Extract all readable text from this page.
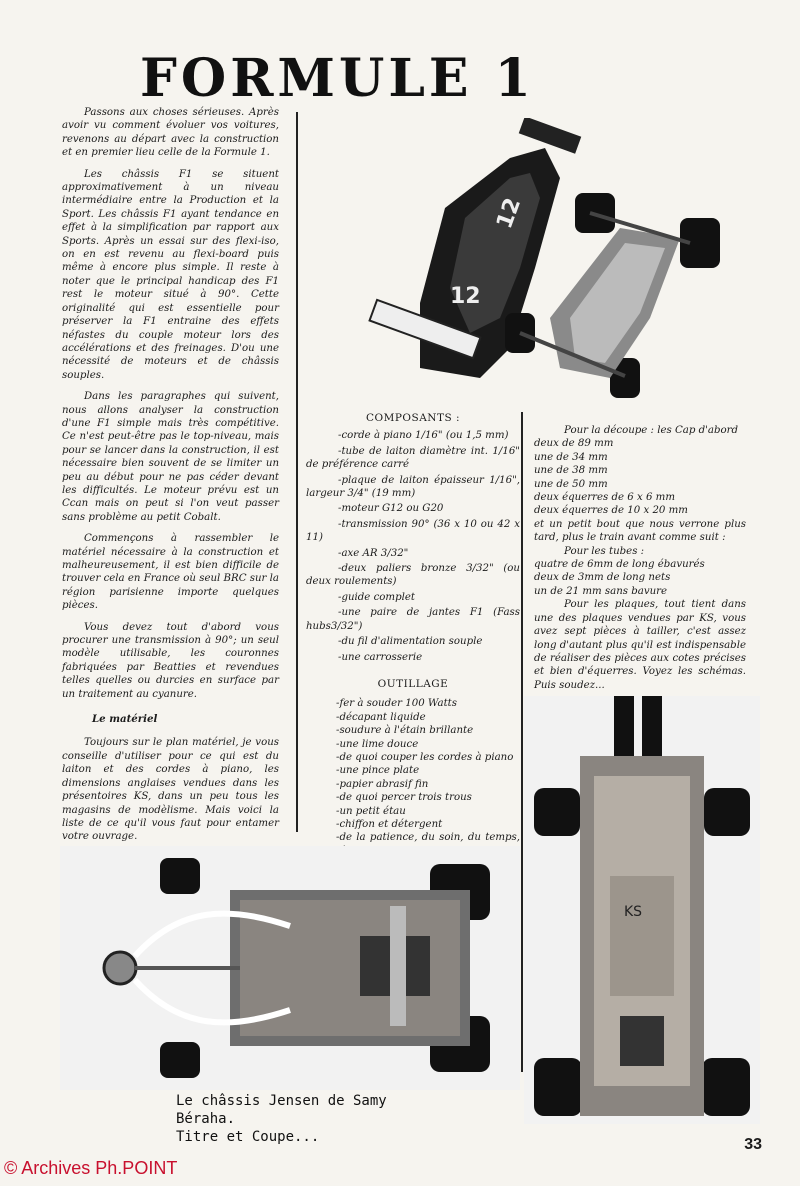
FORMULE 1

Passons aux choses sérieuses. Après avoir vu comment évoluer vos voitures, revenons au départ avec la construction et en premier lieu celle de la Formule 1.

Les châssis F1 se situent approximativement à un niveau intermédiaire entre la Production et la Sport. Les châssis F1 ayant tendance en effet à la simplification par rapport aux Sports. Après un essai sur des flexi-iso, on en est revenu au flexi-board puis même à encore plus simple. Il reste à noter que le principal handicap des F1 rest le moteur situé à 90°. Cette originalité qui est essentielle pour préserver la F1 entraine des effets néfastes du couple moteur lors des accélérations et des freinages. D'ou une nécessité de moteurs et de châssis souples.

Dans les paragraphes qui suivent, nous allons analyser la construction d'une F1 simple mais très compétitive. Ce n'est peut-être pas le top-niveau, mais pour se lancer dans la construction, il est nécessaire bien souvent de se limiter un peu au début pour ne pas céder devant les difficultés. Le moteur prévu est un Ccan mais on peut si l'on veut passer sans problème au petit Cobalt.

Commençons à rassembler le matériel nécessaire à la construction et malheureusement, il est bien difficile de trouver cela en France où seul BRC sur la région parisienne importe quelques pièces.

Vous devez tout d'abord vous procurer une transmission à 90°; un seul modèle utilisable, les couronnes fabriquées par Beatties et revendues telles quelles ou durcies en surface par un traitement au cyanure.

Le matériel

Toujours sur le plan matériel, je vous conseille d'utiliser pour ce qui est du laiton et des cordes à piano, les dimensions anglaises vendues dans les présentoires KS, dans un peu tous les magasins de modèlisme. Mais voici la liste de ce qu'il vous faut pour entamer votre ouvrage.

12
12
COMPOSANTS :
-corde à piano 1/16" (ou 1,5 mm)
-tube de laiton diamètre int. 1/16" de préférence carré
-plaque de laiton épaisseur 1/16", largeur 3/4" (19 mm)
-moteur G12 ou G20
-transmission 90° (36 x 10 ou 42 x 11)
-axe AR 3/32"
-deux paliers bronze 3/32" (ou deux roulements)
-guide complet
-une paire de jantes F1 (Fass hubs3/32")
-du fil d'alimentation souple
-une carrosserie
OUTILLAGE
-fer à souder 100 Watts
-décapant liquide
-soudure à l'étain brillante
-une lime douce
-de quoi couper les cordes à piano
-une pince plate
-papier abrasif fin
-de quoi percer trois trous
-un petit étau
-chiffon et détergent
-de la patience, du soin, du temps,
Pour la découpe : les Cap d'abord
deux de 89 mm
une de 34 mm
une de 38 mm
une de 50 mm
deux équerres de 6 x 6 mm
deux équerres de 10 x 20 mm
et un petit bout que nous verrone plus tard, plus le train avant comme suit :
Pour les tubes :
quatre de 6mm de long ébavurés
deux de 3mm de long nets
un de 21 mm sans bavure
Pour les plaques, tout tient dans une des plaques vendues par KS, vous avez sept pièces à tailler, c'est assez long d'autant plus qu'il est indispensable de réaliser des pièces aux cotes précises et bien d'équerres. Voyez les schémas. Puis soudez...
KS
Le châssis Jensen de Samy
Béraha.
Titre et Coupe...	33
© Archives Ph.POINT
